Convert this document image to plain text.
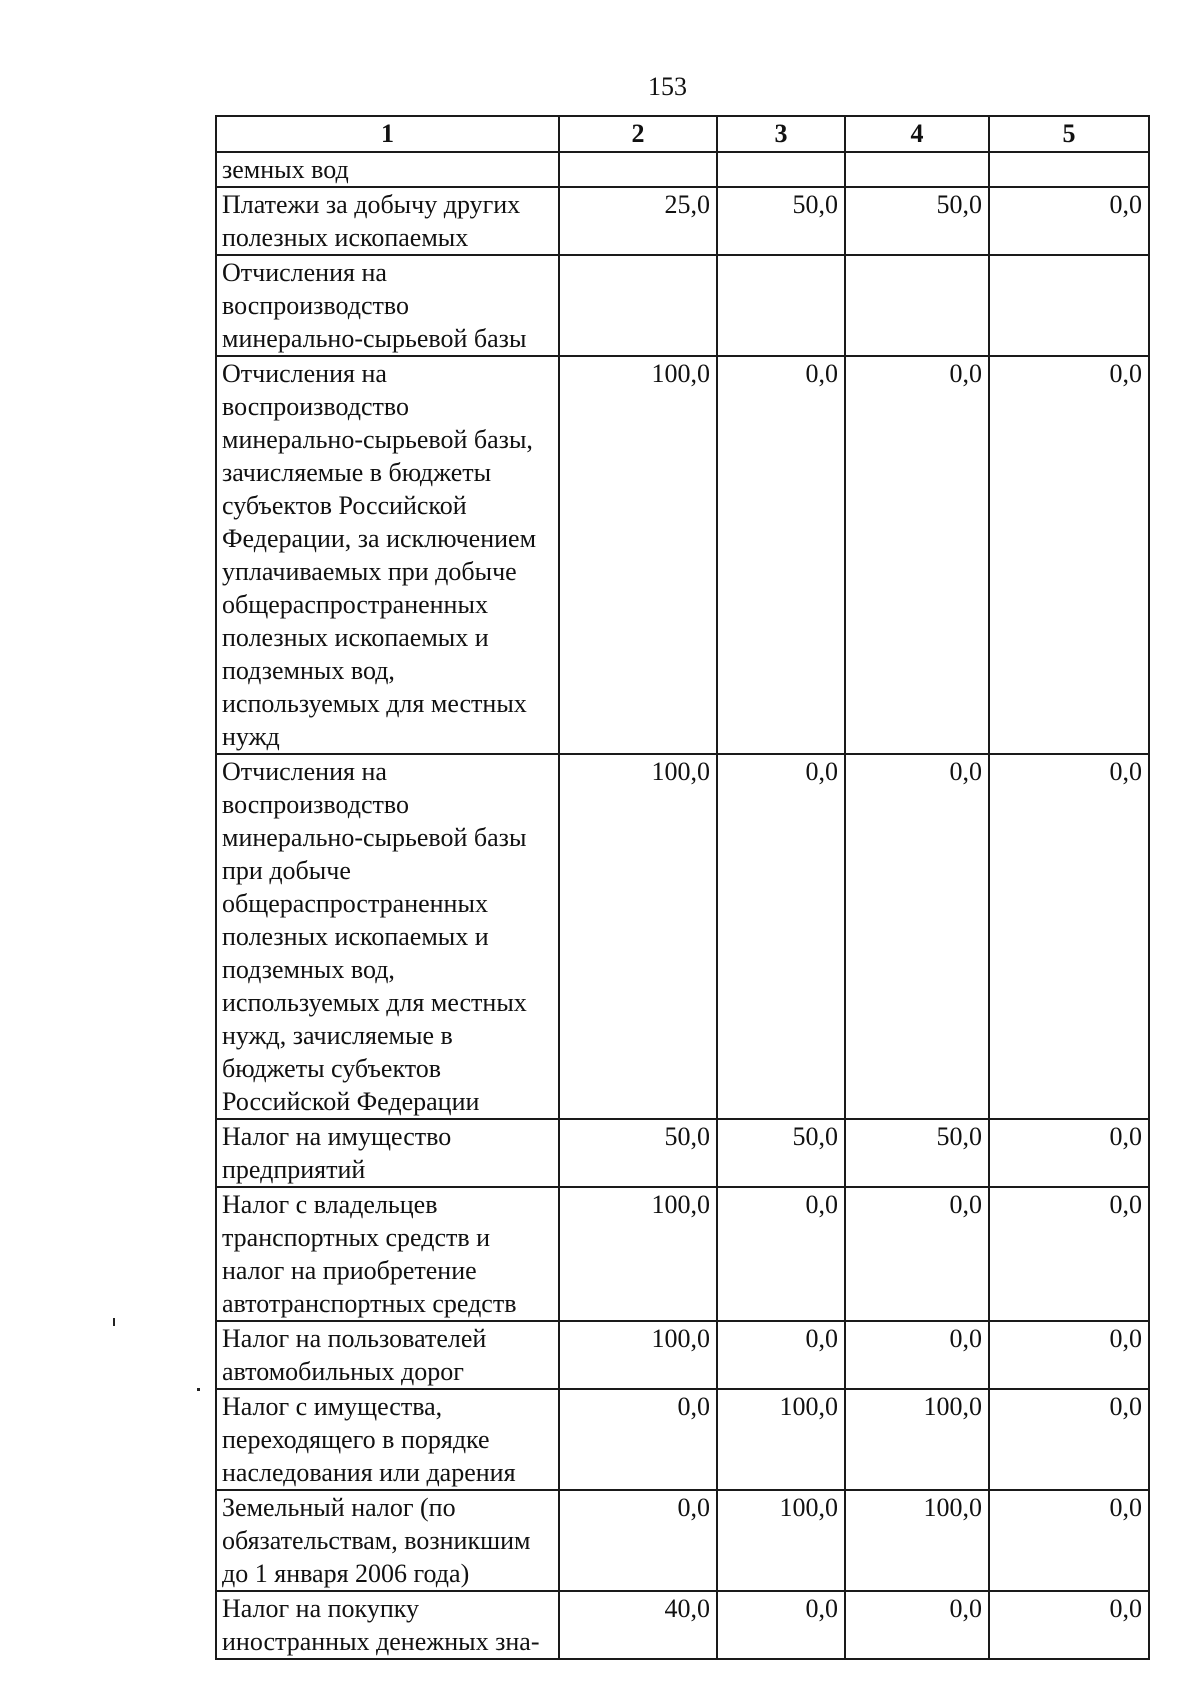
153
1	2	3	4	5
земных вод				
Платежи за добычу других полезных ископаемых	25,0	50,0	50,0	0,0
Отчисления на воспроизводство минерально-сырьевой базы				
Отчисления на воспроизводство минерально-сырьевой базы, зачисляемые в бюджеты субъектов Российской Федерации, за исключением уплачиваемых при добыче общераспространенных полезных ископаемых и подземных вод, используемых для местных нужд	100,0	0,0	0,0	0,0
Отчисления на воспроизводство минерально-сырьевой базы при добыче общераспространенных полезных ископаемых и подземных вод, используемых для местных нужд, зачисляемые в бюджеты субъектов Российской Федерации	100,0	0,0	0,0	0,0
Налог на имущество предприятий	50,0	50,0	50,0	0,0
Налог с владельцев транспортных средств и налог на приобретение автотранспортных средств	100,0	0,0	0,0	0,0
Налог на пользователей автомобильных дорог	100,0	0,0	0,0	0,0
Налог с имущества, переходящего в порядке наследования или дарения	0,0	100,0	100,0	0,0
Земельный налог (по обязательствам, возникшим до 1 января 2006 года)	0,0	100,0	100,0	0,0
Налог на покупку иностранных денежных зна-	40,0	0,0	0,0	0,0
